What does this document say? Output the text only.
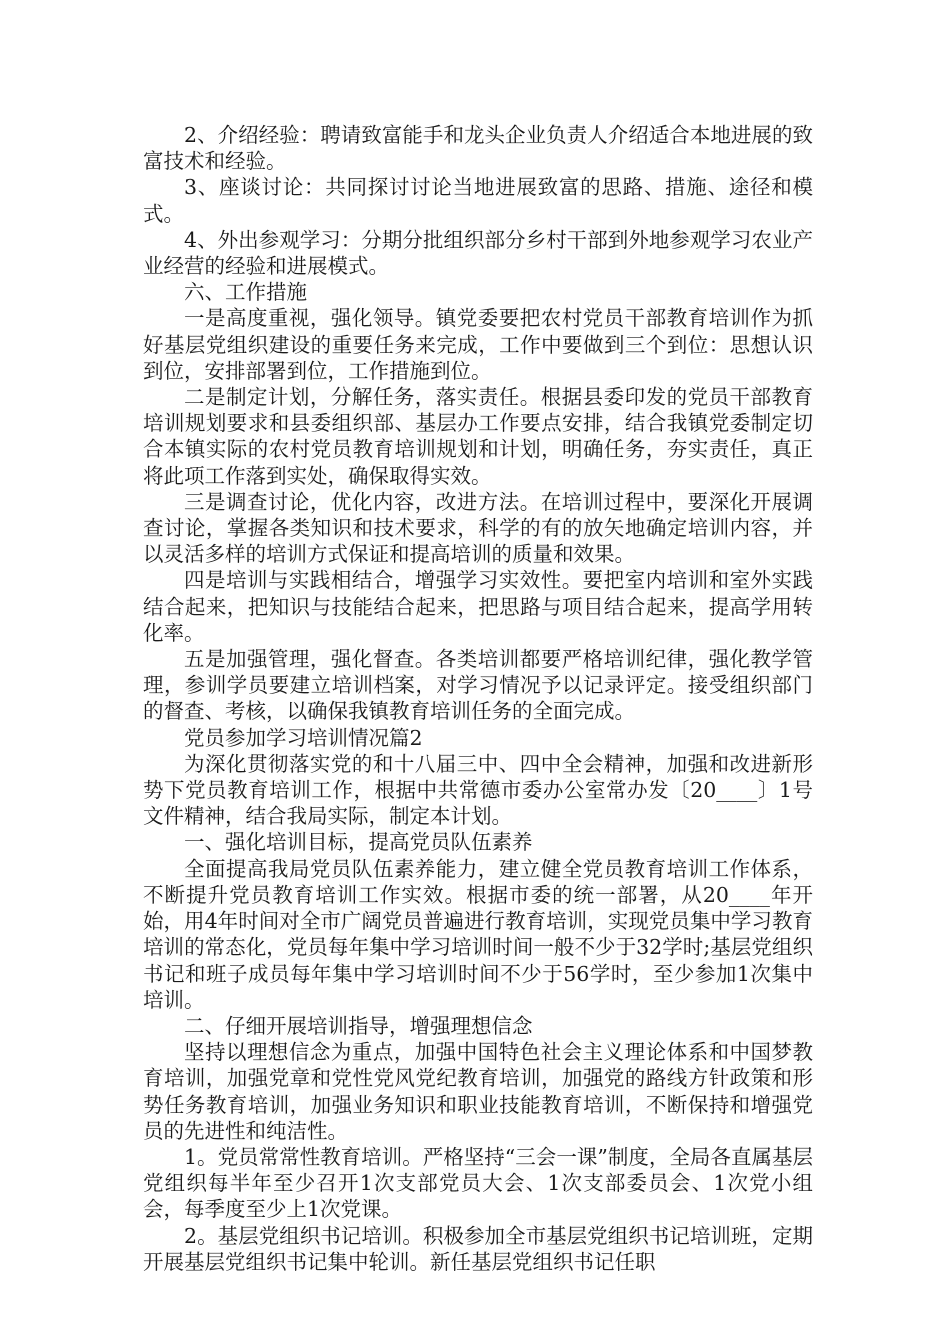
2、介绍经验：聘请致富能手和龙头企业负责人介绍适合本地进展的致富技术和经验。

3、座谈讨论：共同探讨讨论当地进展致富的思路、措施、途径和模式。

4、外出参观学习：分期分批组织部分乡村干部到外地参观学习农业产业经营的经验和进展模式。

六、工作措施

一是高度重视，强化领导。镇党委要把农村党员干部教育培训作为抓好基层党组织建设的重要任务来完成，工作中要做到三个到位：思想认识到位，安排部署到位，工作措施到位。

二是制定计划，分解任务，落实责任。根据县委印发的党员干部教育培训规划要求和县委组织部、基层办工作要点安排，结合我镇党委制定切合本镇实际的农村党员教育培训规划和计划，明确任务，夯实责任，真正将此项工作落到实处，确保取得实效。

三是调查讨论，优化内容，改进方法。在培训过程中，要深化开展调查讨论，掌握各类知识和技术要求，科学的有的放矢地确定培训内容，并以灵活多样的培训方式保证和提高培训的质量和效果。

四是培训与实践相结合，增强学习实效性。要把室内培训和室外实践结合起来，把知识与技能结合起来，把思路与项目结合起来，提高学用转化率。

五是加强管理，强化督查。各类培训都要严格培训纪律，强化教学管理，参训学员要建立培训档案，对学习情况予以记录评定。接受组织部门的督查、考核，以确保我镇教育培训任务的全面完成。

党员参加学习培训情况篇2

为深化贯彻落实党的和十八届三中、四中全会精神，加强和改进新形势下党员教育培训工作，根据中共常德市委办公室常办发〔20____〕1号文件精神，结合我局实际，制定本计划。

一、强化培训目标，提高党员队伍素养

全面提高我局党员队伍素养能力，建立健全党员教育培训工作体系，不断提升党员教育培训工作实效。根据市委的统一部署，从20____年开始，用4年时间对全市广阔党员普遍进行教育培训，实现党员集中学习教育培训的常态化，党员每年集中学习培训时间一般不少于32学时;基层党组织书记和班子成员每年集中学习培训时间不少于56学时，至少参加1次集中培训。

二、仔细开展培训指导，增强理想信念

坚持以理想信念为重点，加强中国特色社会主义理论体系和中国梦教育培训，加强党章和党性党风党纪教育培训，加强党的路线方针政策和形势任务教育培训，加强业务知识和职业技能教育培训，不断保持和增强党员的先进性和纯洁性。

1。党员常常性教育培训。严格坚持“三会一课”制度，全局各直属基层党组织每半年至少召开1次支部党员大会、1次支部委员会、1次党小组会，每季度至少上1次党课。

2。基层党组织书记培训。积极参加全市基层党组织书记培训班，定期开展基层党组织书记集中轮训。新任基层党组织书记任职
